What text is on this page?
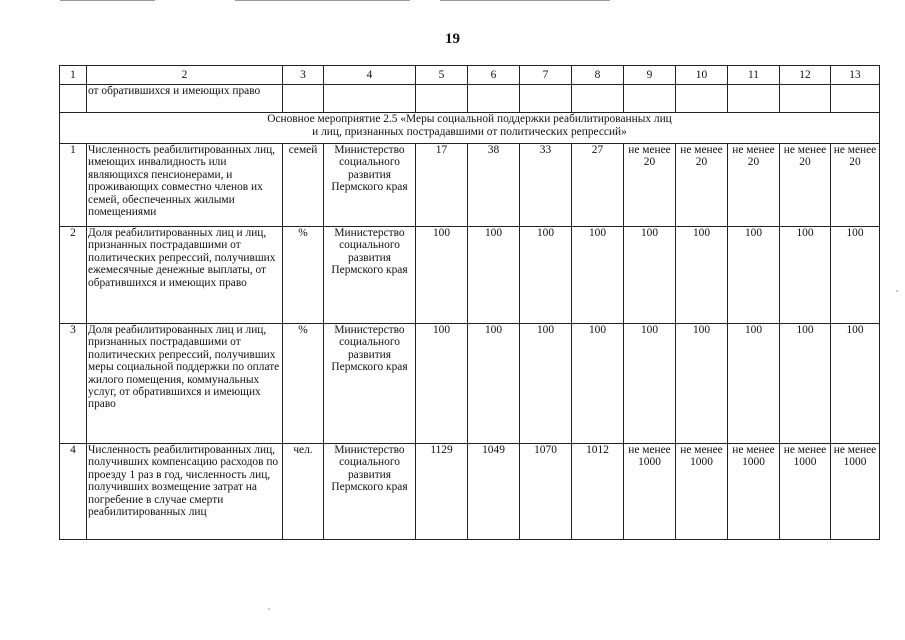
19
1	2	3	4	5	6	7	8	9	10	11	12	13
	от обратившихся и имеющих право											

Основное мероприятие 2.5 «Меры социальной поддержки реабилитированных лиц
и лиц, признанных пострадавшими от политических репрессий»												

1	Численность реабилитированных лиц, имеющих инвалидность или являющихся пенсионерами, и проживающих совместно членов их семей, обеспеченных жилыми помещениями	семей	Министерство социального развития Пермского края	17	38	33	27	не менее 20	не менее 20	не менее 20	не менее 20	не менее 20
2	Доля реабилитированных лиц и лиц, признанных пострадавшими от политических репрессий, получивших ежемесячные денежные выплаты, от обратившихся и имеющих право	%	Министерство социального развития Пермского края	100	100	100	100	100	100	100	100	100
3	Доля реабилитированных лиц и лиц, признанных пострадавшими от политических репрессий, получивших меры социальной поддержки по оплате жилого помещения, коммунальных услуг, от обратившихся и имеющих право	%	Министерство социального развития Пермского края	100	100	100	100	100	100	100	100	100
4	Численность реабилитированных лиц, получивших компенсацию расходов по проезду 1 раз в год, численность лиц, получивших возмещение затрат на погребение в случае смерти реабилитированных лиц	чел.	Министерство социального развития Пермского края	1129	1049	1070	1012	не менее 1000	не менее 1000	не менее 1000	не менее 1000	не менее 1000
